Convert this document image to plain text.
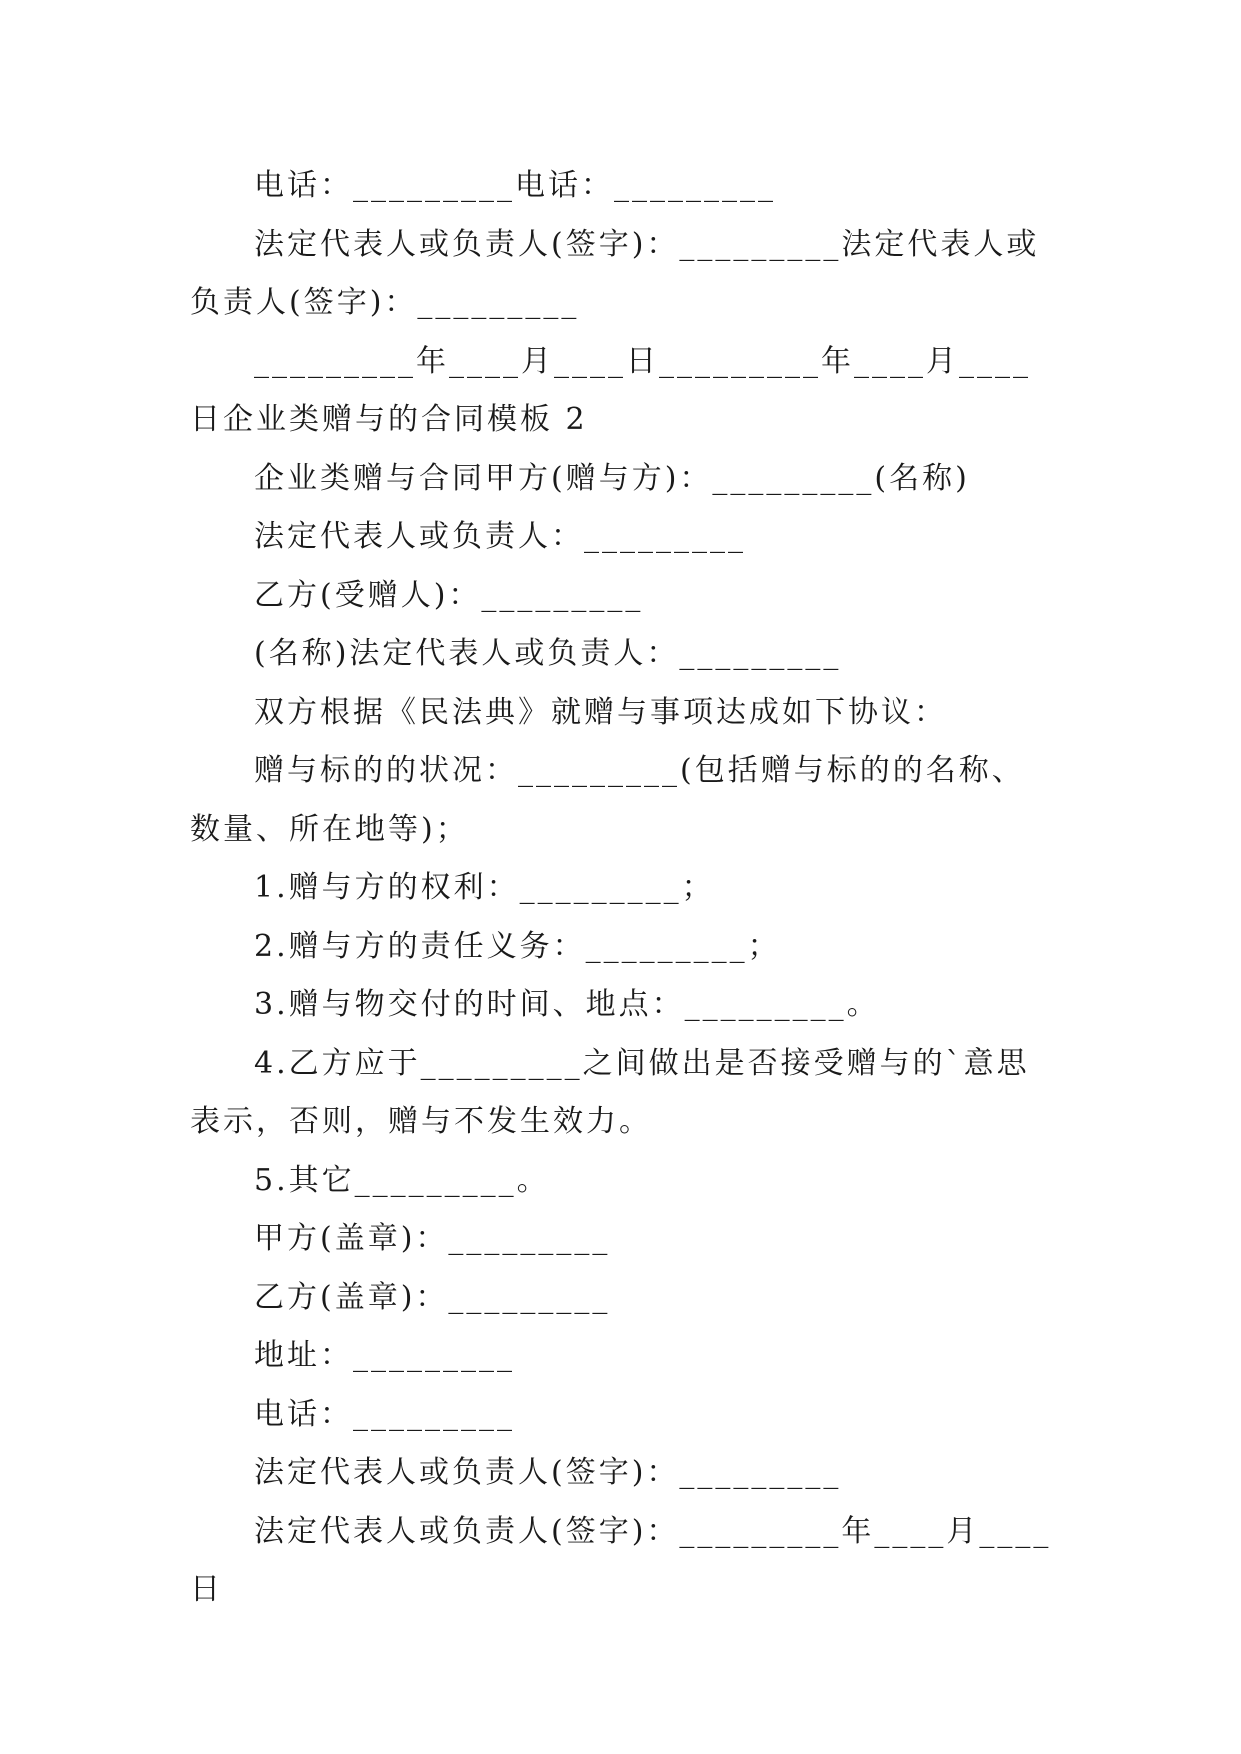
电话：_________电话：_________

法定代表人或负责人(签字)：_________法定代表人或负责人(签字)：_________

_________年____月____日_________年____月____日企业类赠与的合同模板 2

企业类赠与合同甲方(赠与方)：_________(名称)

法定代表人或负责人：_________

乙方(受赠人)：_________

(名称)法定代表人或负责人：_________

双方根据《民法典》就赠与事项达成如下协议：

赠与标的的状况：_________(包括赠与标的的名称、数量、所在地等)；

1.赠与方的权利：_________；

2.赠与方的责任义务：_________；

3.赠与物交付的时间、地点：_________。

4.乙方应于_________之间做出是否接受赠与的`意思表示，否则，赠与不发生效力。

5.其它_________。

甲方(盖章)：_________

乙方(盖章)：_________

地址：_________

电话：_________

法定代表人或负责人(签字)：_________

法定代表人或负责人(签字)：_________年____月____日
